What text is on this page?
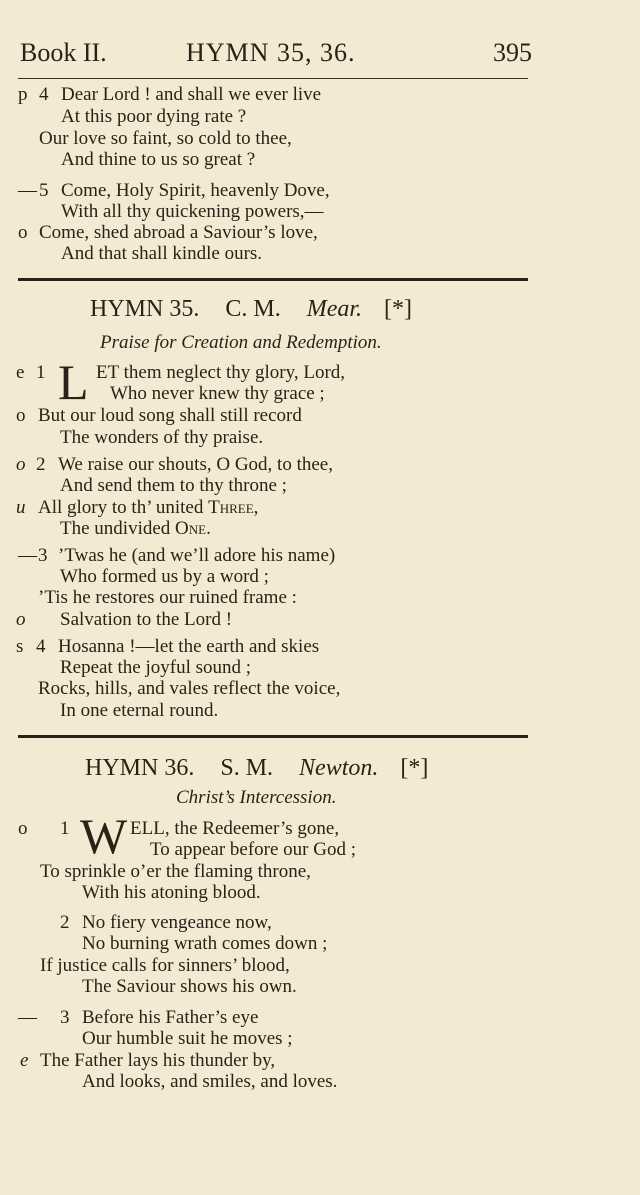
Book II.	HYMN 35, 36.	395
p 4 Dear Lord ! and shall we ever live
At this poor dying rate ?
Our love so faint, so cold to thee,
And thine to us so great ?
— 5 Come, Holy Spirit, heavenly Dove,
With all thy quickening powers,—
o Come, shed abroad a Saviour’s love,
And that shall kindle ours.
HYMN 35. C. M. Mear. [*]
Praise for Creation and Redemption.
e 1 L ET them neglect thy glory, Lord,
Who never knew thy grace ;
o But our loud song shall still record
The wonders of thy praise.
o 2 We raise our shouts, O God, to thee,
And send them to thy throne ;
u All glory to th’ united Three,
The undivided One.
— 3 ’Twas he (and we’ll adore his name)
Who formed us by a word ;
’Tis he restores our ruined frame :
o Salvation to the Lord !
s 4 Hosanna !—let the earth and skies
Repeat the joyful sound ;
Rocks, hills, and vales reflect the voice,
In one eternal round.
HYMN 36. S. M. Newton. [*]
Christ’s Intercession.
o 1 W ELL, the Redeemer’s gone,
To appear before our God ;
To sprinkle o’er the flaming throne,
With his atoning blood.
2 No fiery vengeance now,
No burning wrath comes down ;
If justice calls for sinners’ blood,
The Saviour shows his own.
— 3 Before his Father’s eye
Our humble suit he moves ;
e The Father lays his thunder by,
And looks, and smiles, and loves.
